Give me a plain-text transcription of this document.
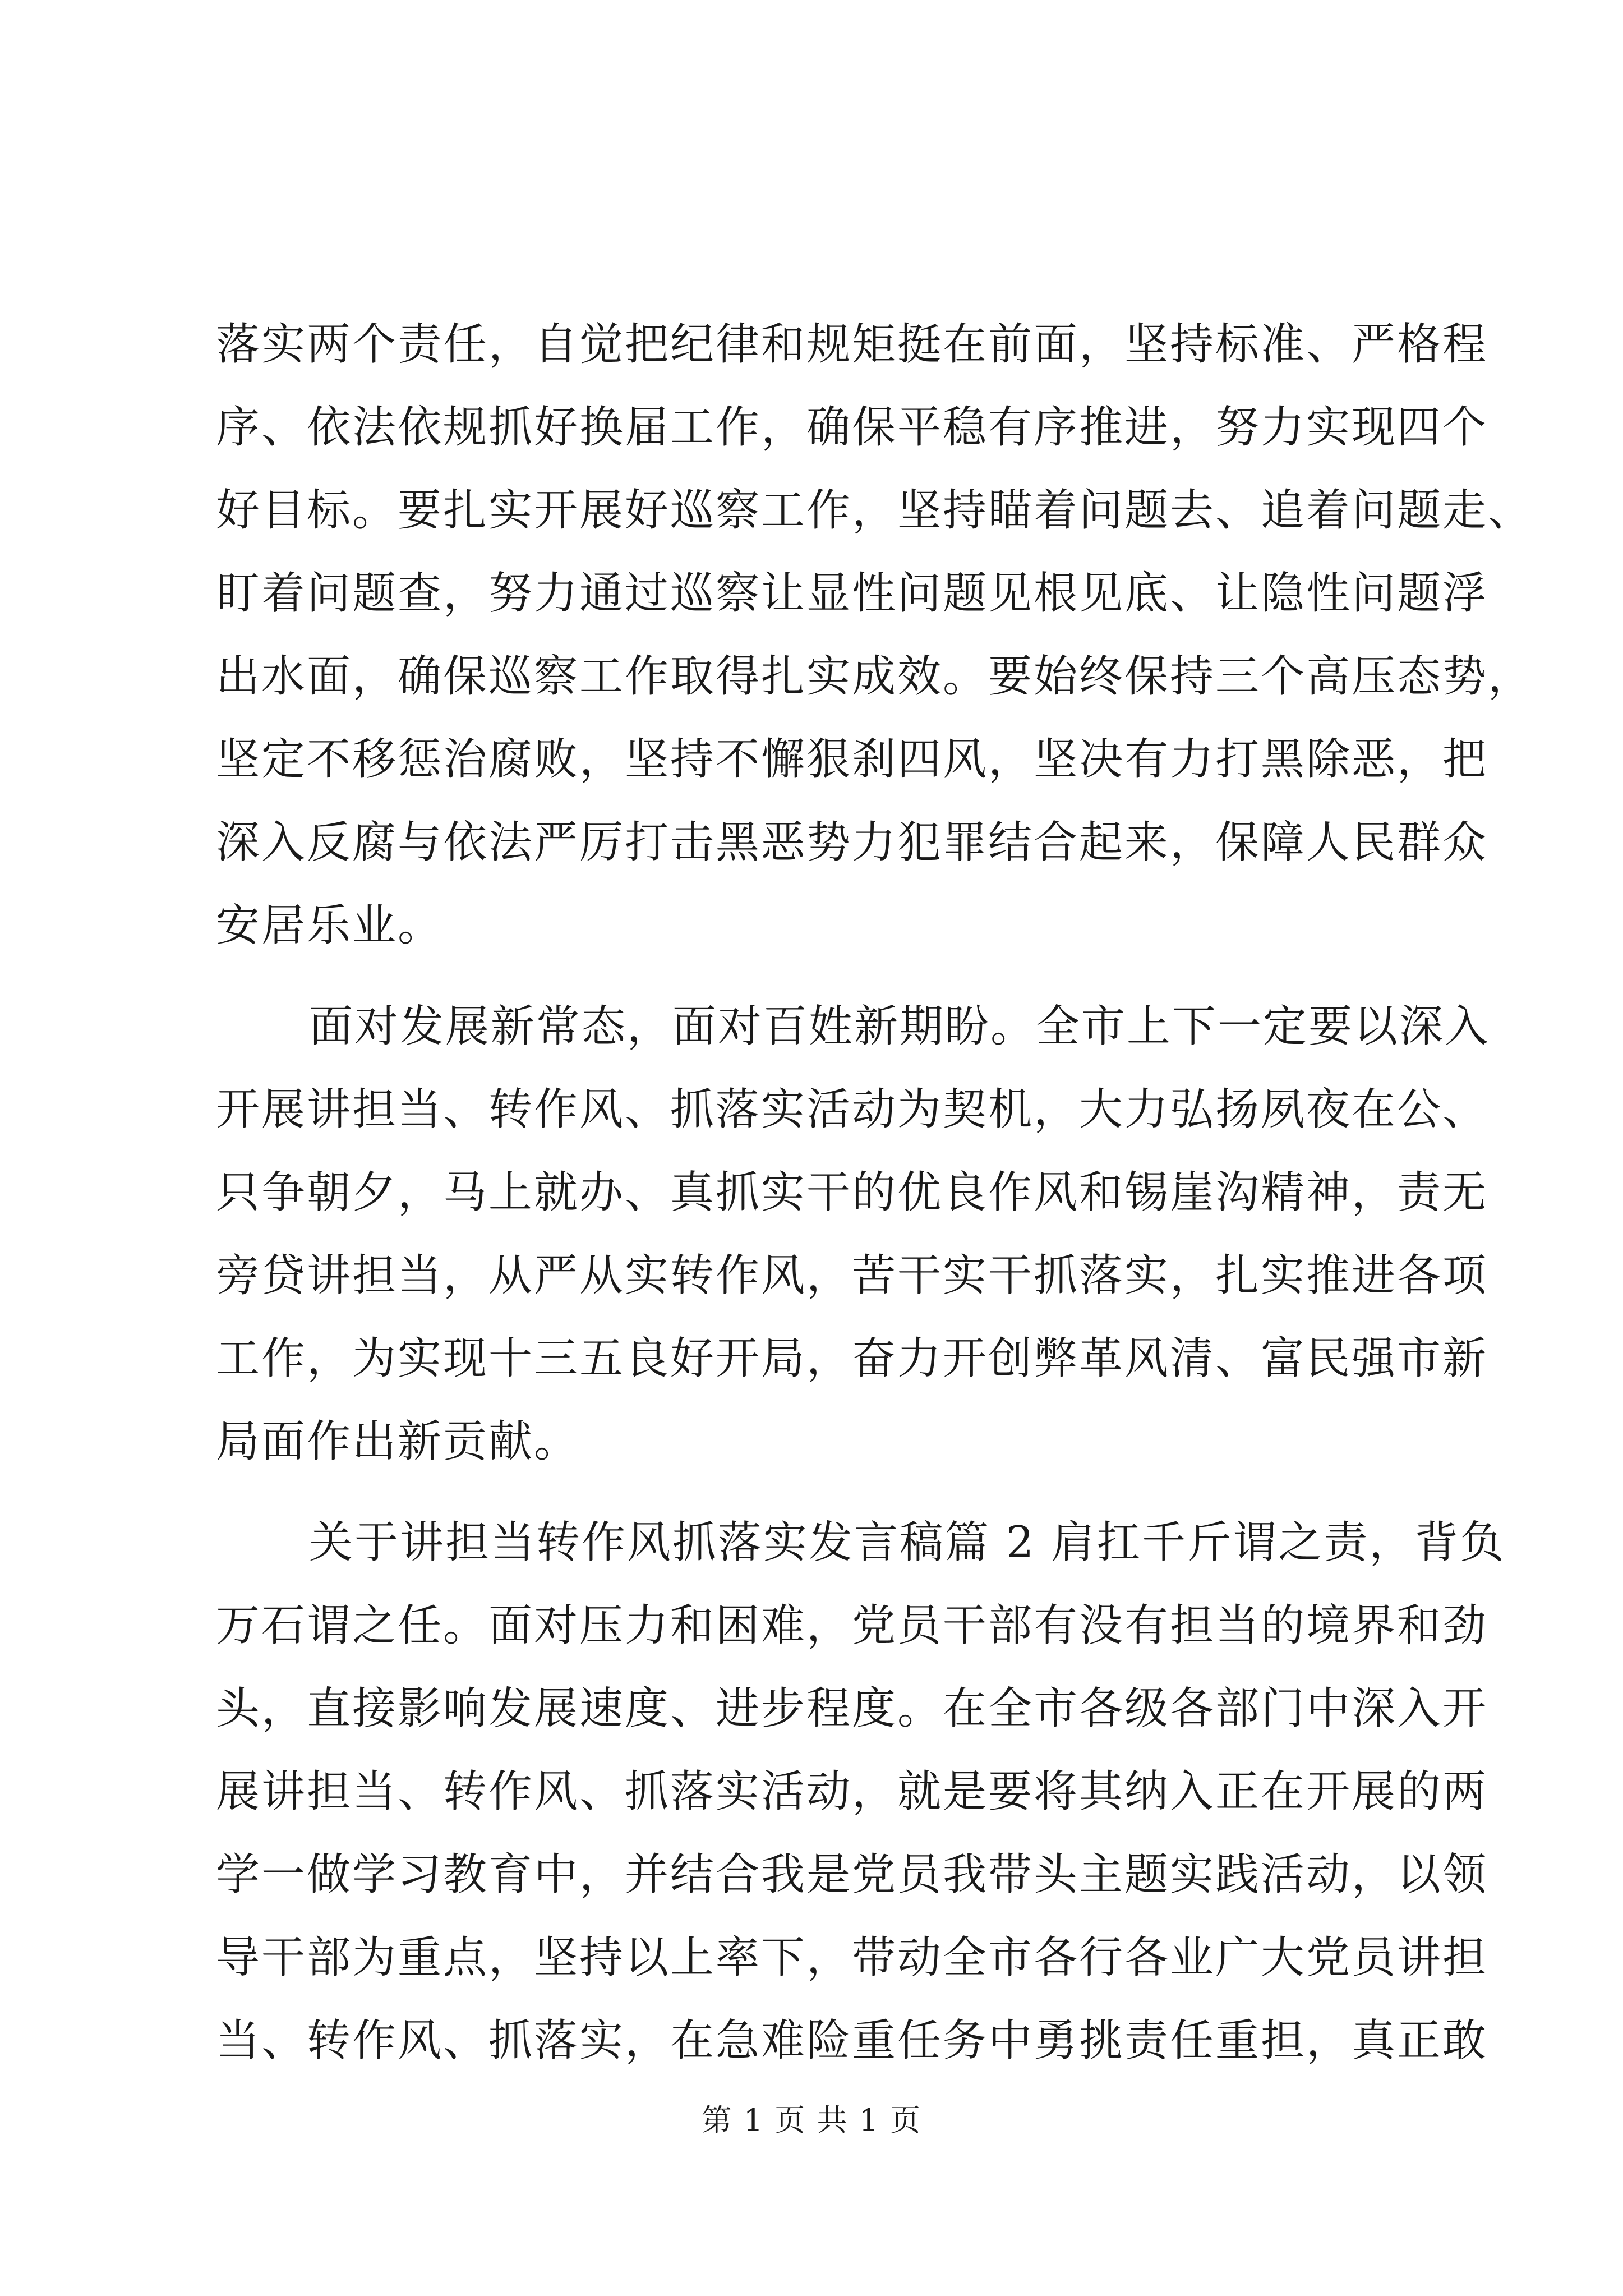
落实两个责任，自觉把纪律和规矩挺在前面，坚持标准、严格程
序、依法依规抓好换届工作，确保平稳有序推进，努力实现四个
好目标。要扎实开展好巡察工作，坚持瞄着问题去、追着问题走、
盯着问题查，努力通过巡察让显性问题见根见底、让隐性问题浮
出水面，确保巡察工作取得扎实成效。要始终保持三个高压态势，
坚定不移惩治腐败，坚持不懈狠刹四风，坚决有力打黑除恶，把
深入反腐与依法严厉打击黑恶势力犯罪结合起来，保障人民群众
安居乐业。
面对发展新常态，面对百姓新期盼。全市上下一定要以深入
开展讲担当、转作风、抓落实活动为契机，大力弘扬夙夜在公、
只争朝夕，马上就办、真抓实干的优良作风和锡崖沟精神，责无
旁贷讲担当，从严从实转作风，苦干实干抓落实，扎实推进各项
工作，为实现十三五良好开局，奋力开创弊革风清、富民强市新
局面作出新贡献。
关于讲担当转作风抓落实发言稿篇 2 肩扛千斤谓之责，背负
万石谓之任。面对压力和困难，党员干部有没有担当的境界和劲
头，直接影响发展速度、进步程度。在全市各级各部门中深入开
展讲担当、转作风、抓落实活动，就是要将其纳入正在开展的两
学一做学习教育中，并结合我是党员我带头主题实践活动，以领
导干部为重点，坚持以上率下，带动全市各行各业广大党员讲担
当、转作风、抓落实，在急难险重任务中勇挑责任重担，真正敢
第 1 页 共 1 页
